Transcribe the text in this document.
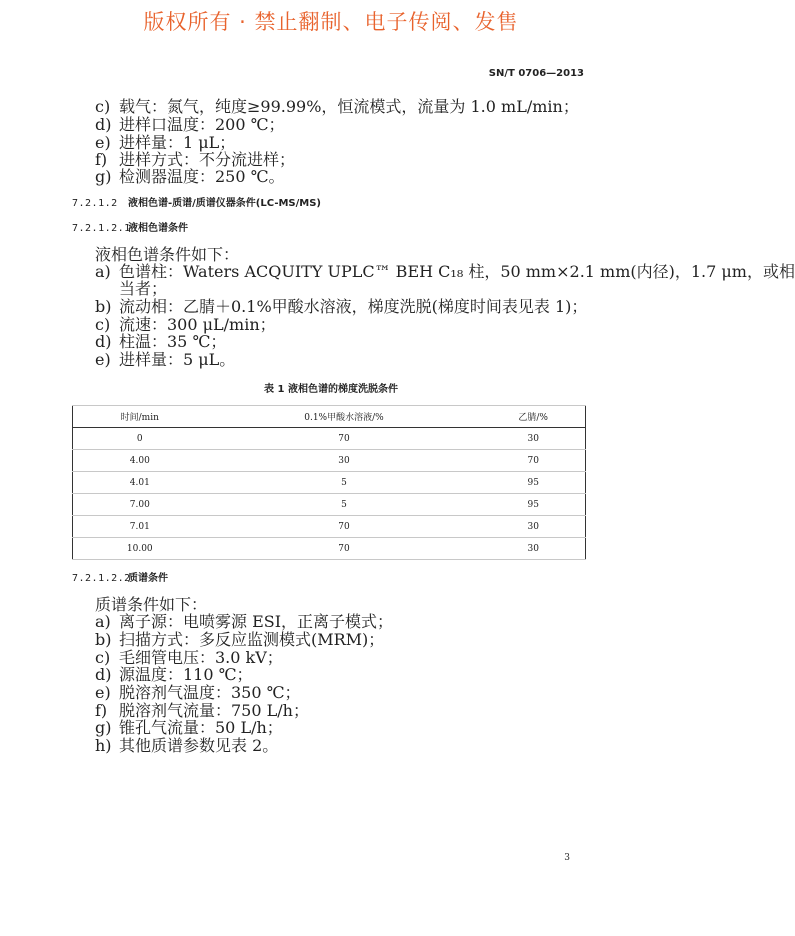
版权所有 · 禁止翻制、电子传阅、发售
SN/T 0706—2013
c) 载气：氮气，纯度≥99.99%，恒流模式，流量为 1.0 mL/min；
d) 进样口温度：200 ℃；
e) 进样量：1 μL；
f) 进样方式：不分流进样；
g) 检测器温度：250 ℃。
7.2.1.2 液相色谱-质谱/质谱仪器条件(LC-MS/MS)
7.2.1.2.1液相色谱条件
液相色谱条件如下：
a) 色谱柱：Waters ACQUITY UPLC™ BEH C₁₈ 柱，50 mm×2.1 mm(内径)，1.7 μm，或相
当者；
b) 流动相：乙腈＋0.1%甲酸水溶液，梯度洗脱(梯度时间表见表 1)；
c) 流速：300 μL/min；
d) 柱温：35 ℃；
e) 进样量：5 μL。
表 1 液相色谱的梯度洗脱条件
时间/min	0.1%甲酸水溶液/%	乙腈/%
0	70	30
4.00	30	70
4.01	5	95
7.00	5	95
7.01	70	30
10.00	70	30
7.2.1.2.2质谱条件
质谱条件如下：
a) 离子源：电喷雾源 ESI，正离子模式；
b) 扫描方式：多反应监测模式(MRM)；
c) 毛细管电压：3.0 kV；
d) 源温度：110 ℃；
e) 脱溶剂气温度：350 ℃；
f) 脱溶剂气流量：750 L/h；
g) 锥孔气流量：50 L/h；
h) 其他质谱参数见表 2。
3
